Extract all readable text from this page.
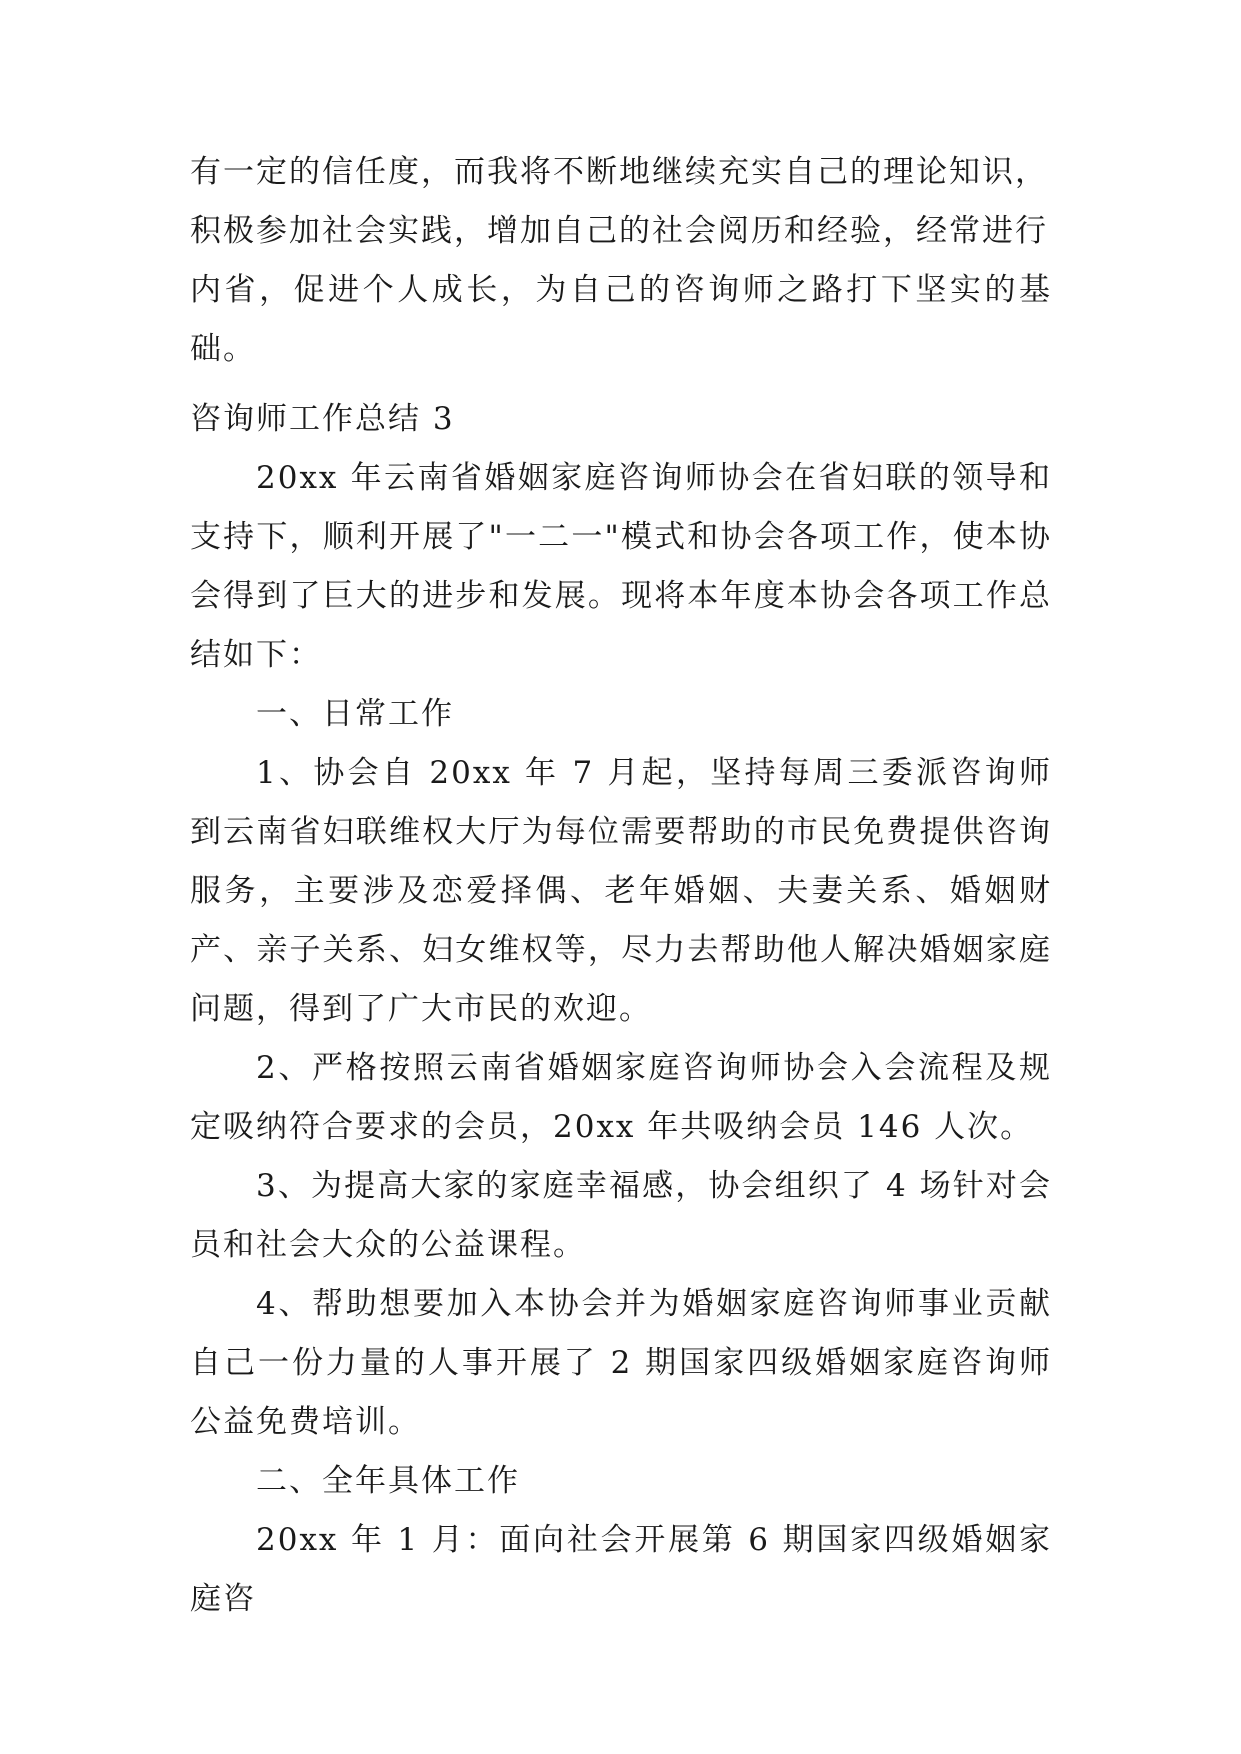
有一定的信任度，而我将不断地继续充实自己的理论知识，

积极参加社会实践，增加自己的社会阅历和经验，经常进行

内省，促进个人成长，为自己的咨询师之路打下坚实的基础。

咨询师工作总结 3

20xx 年云南省婚姻家庭咨询师协会在省妇联的领导和支持下，顺利开展了"一二一"模式和协会各项工作，使本协会得到了巨大的进步和发展。现将本年度本协会各项工作总结如下：

一、日常工作

1、协会自 20xx 年 7 月起，坚持每周三委派咨询师到云南省妇联维权大厅为每位需要帮助的市民免费提供咨询服务，主要涉及恋爱择偶、老年婚姻、夫妻关系、婚姻财产、亲子关系、妇女维权等，尽力去帮助他人解决婚姻家庭问题，得到了广大市民的欢迎。

2、严格按照云南省婚姻家庭咨询师协会入会流程及规定吸纳符合要求的会员，20xx 年共吸纳会员 146 人次。

3、为提高大家的家庭幸福感，协会组织了 4 场针对会员和社会大众的公益课程。

4、帮助想要加入本协会并为婚姻家庭咨询师事业贡献自己一份力量的人事开展了 2 期国家四级婚姻家庭咨询师公益免费培训。

二、全年具体工作

20xx 年 1 月：面向社会开展第 6 期国家四级婚姻家庭咨
